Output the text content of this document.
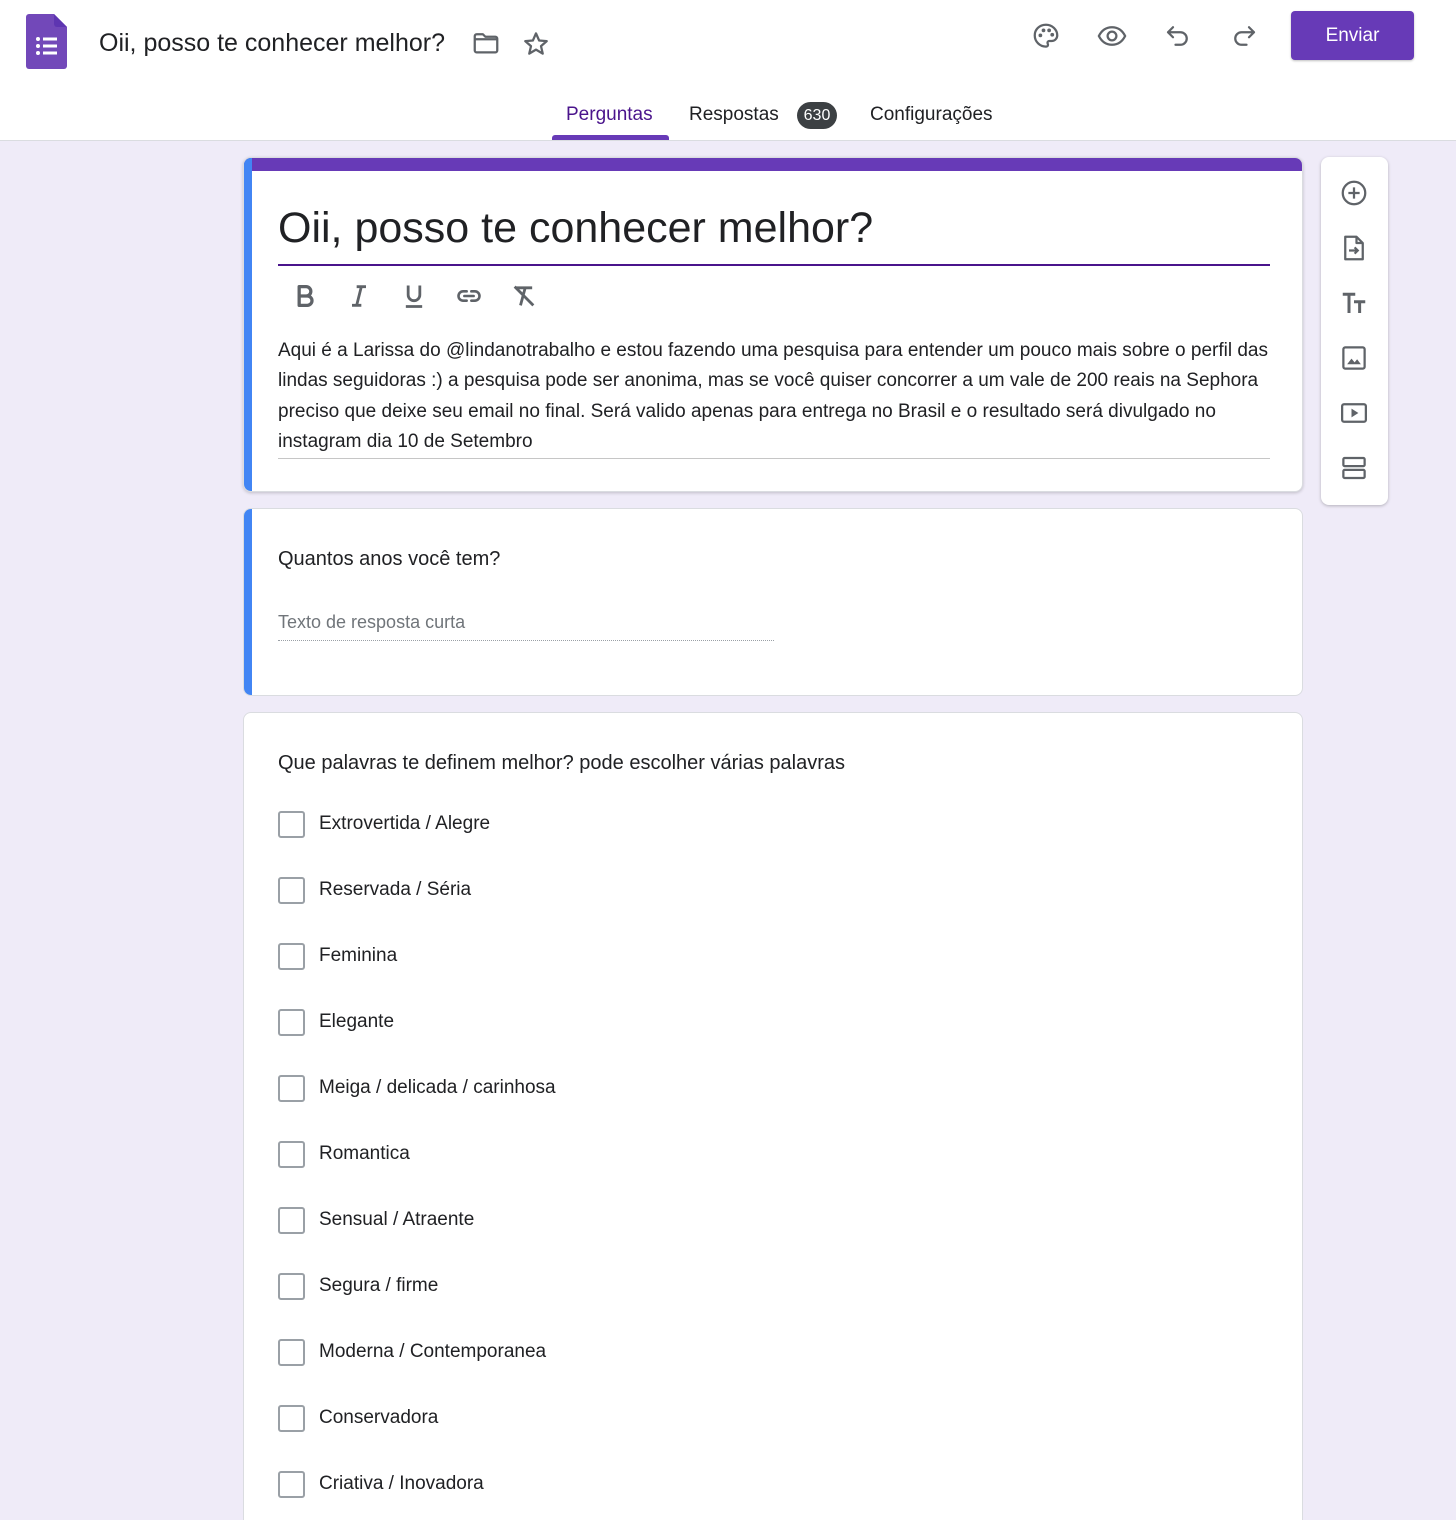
Oii, posso te conhecer melhor?	Enviar
Perguntas Respostas	Configurações
630
Oii, posso te conhecer melhor?
Aqui é a Larissa do @lindanotrabalho e estou fazendo uma pesquisa para entender um pouco mais sobre o perfil das lindas seguidoras :) a pesquisa pode ser anonima, mas se você quiser concorrer a um vale de 200 reais na Sephora preciso que deixe seu email no final. Será valido apenas para entrega no Brasil e o resultado será divulgado no instagram dia 10 de Setembro
Quantos anos você tem?
Texto de resposta curta
Que palavras te definem melhor? pode escolher várias palavras
Extrovertida / Alegre
Reservada / Séria
Feminina
Elegante
Meiga / delicada / carinhosa
Romantica
Sensual / Atraente
Segura / firme
Moderna / Contemporanea
Conservadora
Criativa / Inovadora
